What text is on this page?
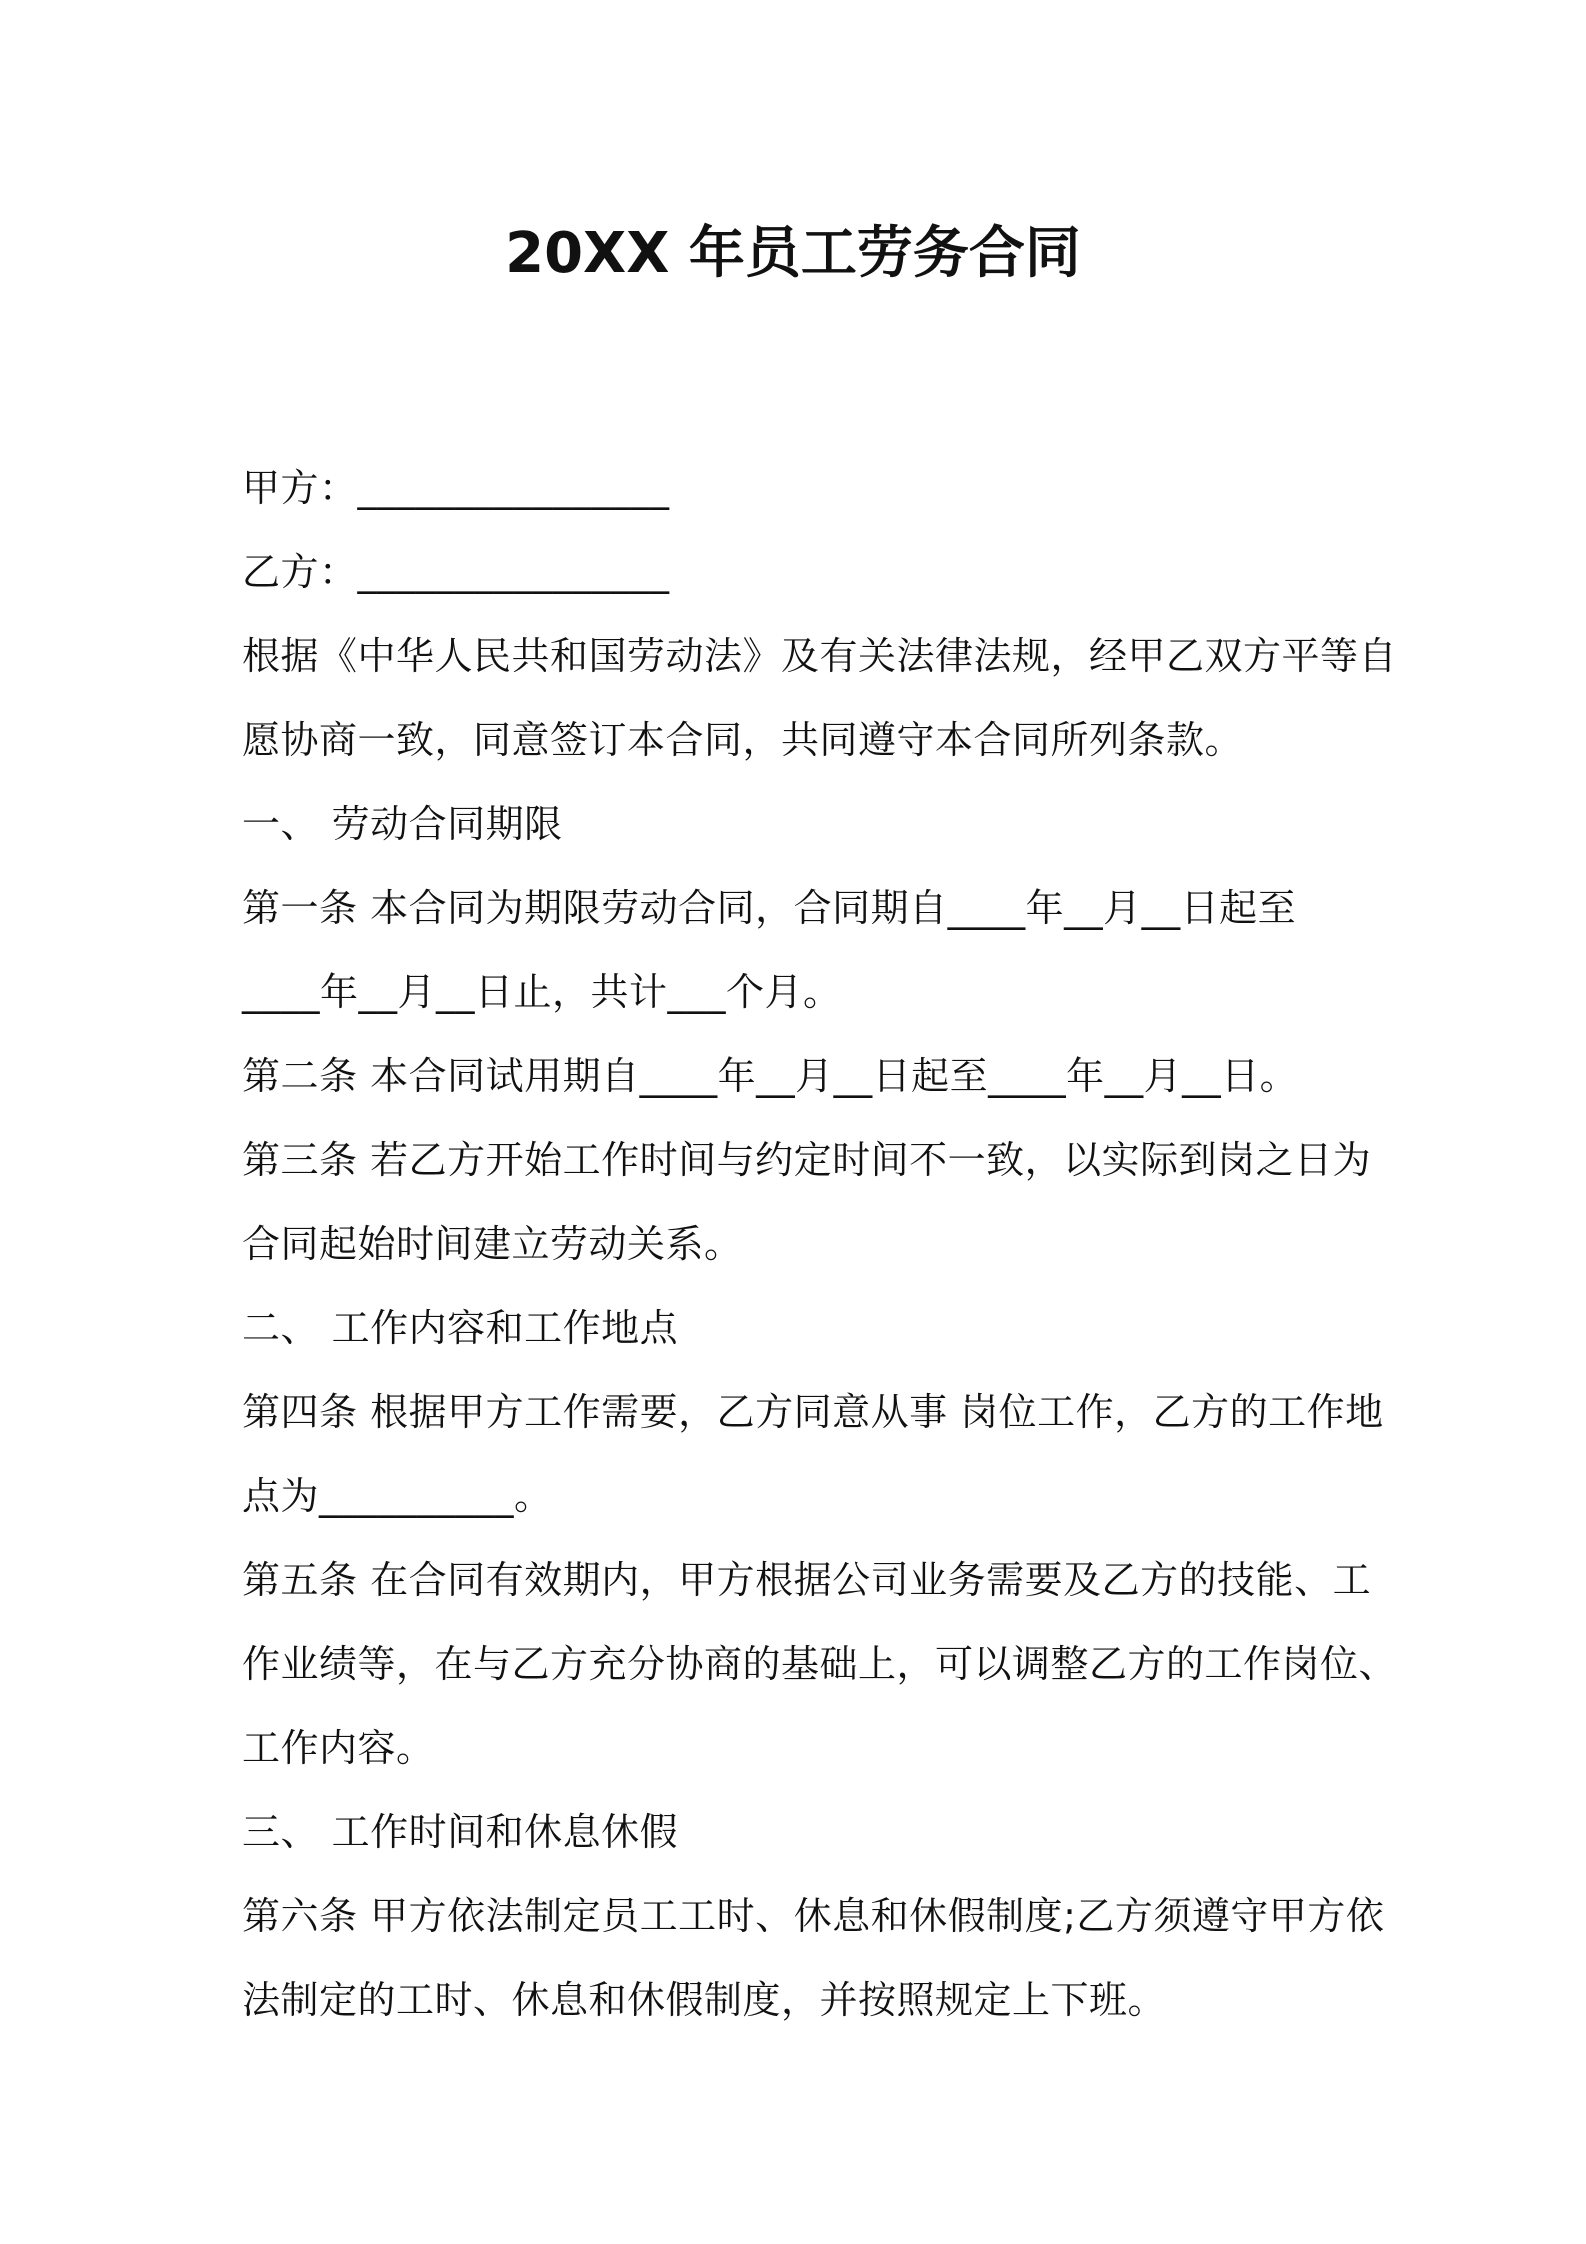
20XX 年员工劳务合同
甲方：________________
乙方：________________
根据《中华人民共和国劳动法》及有关法律法规，经甲乙双方平等自
愿协商一致，同意签订本合同，共同遵守本合同所列条款。
一、 劳动合同期限
第一条 本合同为期限劳动合同，合同期自____年__月__日起至
____年__月__日止，共计___个月。
第二条 本合同试用期自____年__月__日起至____年__月__日。
第三条 若乙方开始工作时间与约定时间不一致，以实际到岗之日为
合同起始时间建立劳动关系。
二、 工作内容和工作地点
第四条 根据甲方工作需要，乙方同意从事 岗位工作，乙方的工作地
点为__________。
第五条 在合同有效期内，甲方根据公司业务需要及乙方的技能、工
作业绩等，在与乙方充分协商的基础上，可以调整乙方的工作岗位、
工作内容。
三、 工作时间和休息休假
第六条 甲方依法制定员工工时、休息和休假制度;乙方须遵守甲方依
法制定的工时、休息和休假制度，并按照规定上下班。
